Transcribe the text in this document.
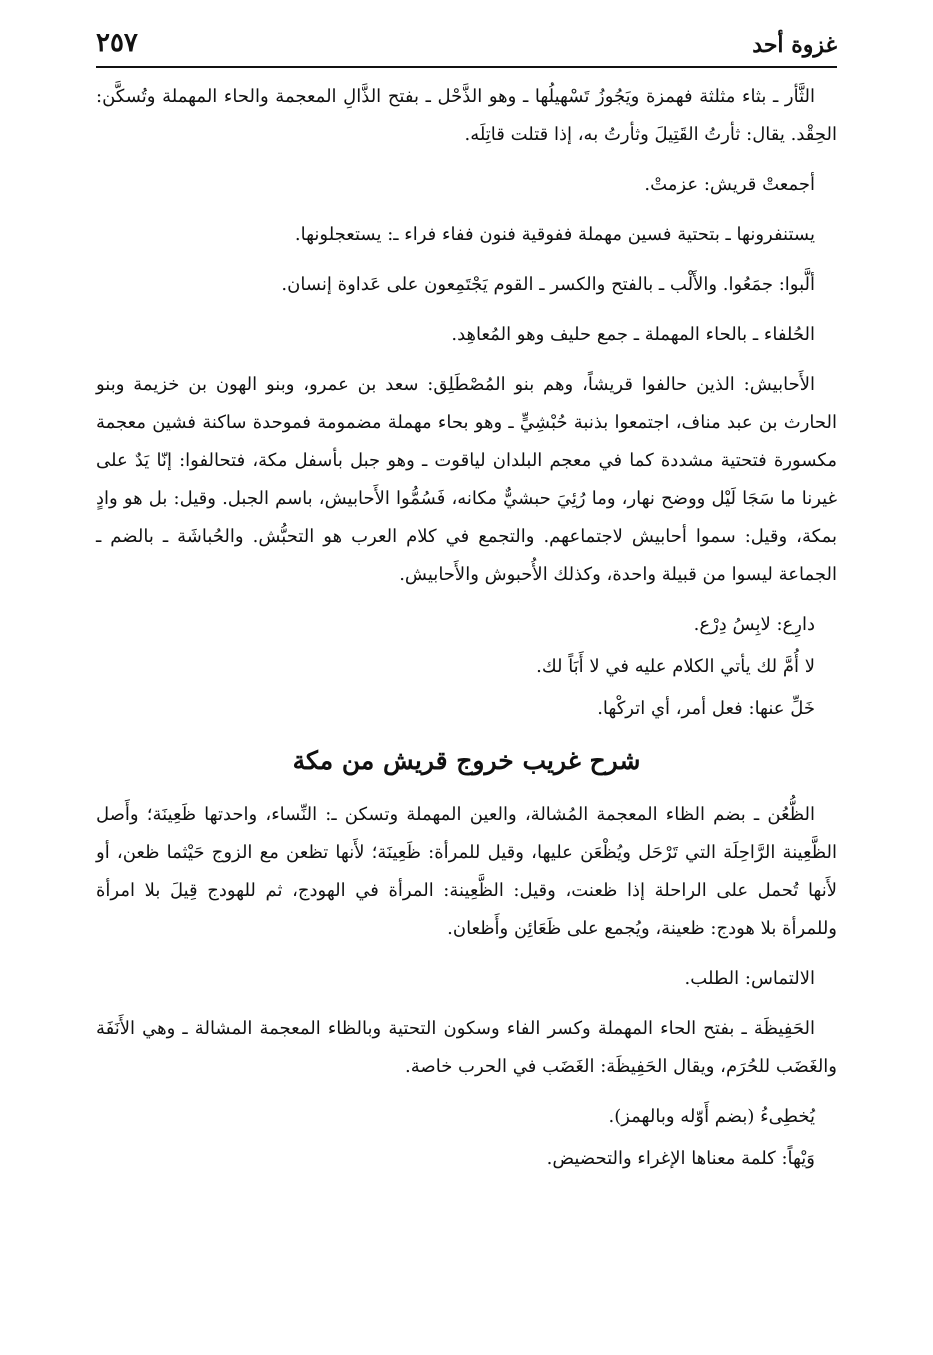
غزوة أحد
٢٥٧

الثَّأر ـ بثاء مثلثة فهمزة ويَجُوزُ تَسْهيلُها ـ وهو الذَّحْل ـ بفتح الذَّالِ المعجمة والحاء المهملة وتُسكَّن: الحِقْد. يقال: ثأرتُ القَتِيلَ وثأرتُ به، إذا قتلت قاتِلَه.

أجمعتْ قريش: عزمتْ.

يستنفرونها ـ بتحتية فسين مهملة ففوقية فنون ففاء فراء ـ: يستعجلونها.

ألَّبوا: جمَعُوا. والأَلْب ـ بالفتح والكسر ـ القوم يَجْتَمِعون على عَداوة إنسان.

الحُلفاء ـ بالحاء المهملة ـ جمع حليف وهو المُعاهِد.

الأَحابيش: الذين حالفوا قريشاً، وهم بنو المُصْطَلِق: سعد بن عمرو، وبنو الهون بن خزيمة وبنو الحارث بن عبد مناف، اجتمعوا بذنبة حُبْشِيٍّ ـ وهو بحاء مهملة مضمومة فموحدة ساكنة فشين معجمة مكسورة فتحتية مشددة كما في معجم البلدان لياقوت ـ وهو جبل بأسفل مكة، فتحالفوا: إنّا يَدٌ على غيرنا ما سَجَا لَيْل ووضح نهار، وما رُئِيَ حبشيٌّ مكانه، فَسُمُّوا الأَحابيش، باسم الجبل. وقيل: بل هو وادٍ بمكة، وقيل: سموا أحابيش لاجتماعهم. والتجمع في كلام العرب هو التحبُّش. والحُباشَة ـ بالضم ـ الجماعة ليسوا من قبيلة واحدة، وكذلك الأُحبوش والأَحابيش.

دارِع: لابِسُ دِرْع.

لا أُمَّ لك يأتي الكلام عليه في لا أَبَاً لك.

خَلِّ عنها: فعل أمر، أي اتركْها.

شرح غريب خروج قريش من مكة

الظُّعُن ـ بضم الظاء المعجمة المُشالة، والعين المهملة وتسكن ـ: النِّساء، واحدتها ظَعِينَة؛ وأَصل الظَّعِينة الرَّاحِلَة التي تَرْحَل ويُظْعَن عليها، وقيل للمرأة: ظَعِينَة؛ لأَنها تظعن مع الزوج حَيْثما ظعن، أو لأَنها تُحمل على الراحلة إذا ظعنت، وقيل: الظَّعِينة: المرأة في الهودج، ثم للهودج قِيلَ بلا امرأة وللمرأة بلا هودج: ظعينة، ويُجمع على ظَعَائِن وأَظعان.

الالتماس: الطلب.

الحَفِيظَة ـ بفتح الحاء المهملة وكسر الفاء وسكون التحتية وبالظاء المعجمة المشالة ـ وهي الأَنَفَة والغَضَب للحُرَم، ويقال الحَفِيظَة: الغَضَب في الحرب خاصة.

يُخطِىءُ (بضم أَوّله وبالهمز).

وَيْهاً: كلمة معناها الإغراء والتحضيض.
